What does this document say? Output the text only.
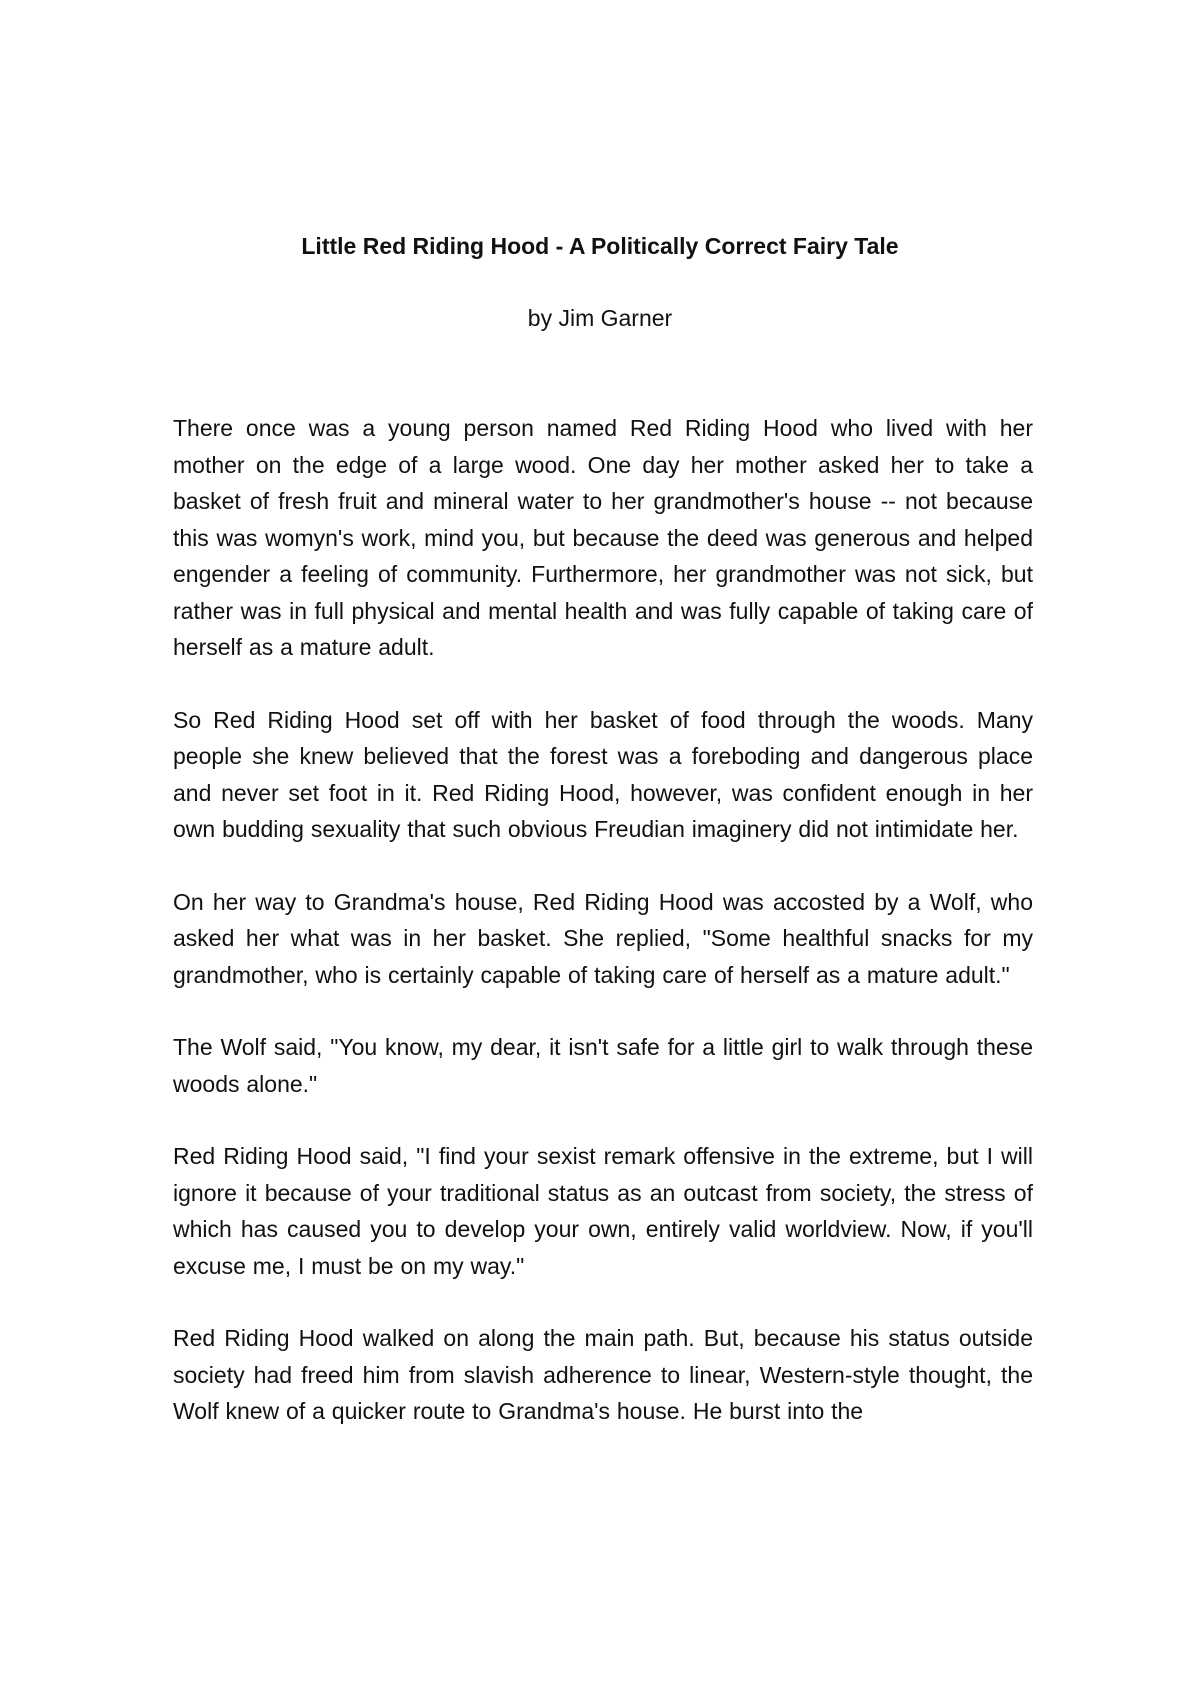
Little Red Riding Hood - A Politically Correct Fairy Tale

by Jim Garner

There once was a young person named Red Riding Hood who lived with her mother on the edge of a large wood. One day her mother asked her to take a basket of fresh fruit and mineral water to her grandmother's house -- not because this was womyn's work, mind you, but because the deed was generous and helped engender a feeling of community. Furthermore, her grandmother was not sick, but rather was in full physical and mental health and was fully capable of taking care of herself as a mature adult.

So Red Riding Hood set off with her basket of food through the woods. Many people she knew believed that the forest was a foreboding and dangerous place and never set foot in it. Red Riding Hood, however, was confident enough in her own budding sexuality that such obvious Freudian imaginery did not intimidate her.

On her way to Grandma's house, Red Riding Hood was accosted by a Wolf, who asked her what was in her basket. She replied, "Some healthful snacks for my grandmother, who is certainly capable of taking care of herself as a mature adult."

The Wolf said, "You know, my dear, it isn't safe for a little girl to walk through these woods alone."

Red Riding Hood said, "I find your sexist remark offensive in the extreme, but I will ignore it because of your traditional status as an outcast from society, the stress of which has caused you to develop your own, entirely valid worldview. Now, if you'll excuse me, I must be on my way."

Red Riding Hood walked on along the main path. But, because his status outside society had freed him from slavish adherence to linear, Western-style thought, the Wolf knew of a quicker route to Grandma's house. He burst into the
